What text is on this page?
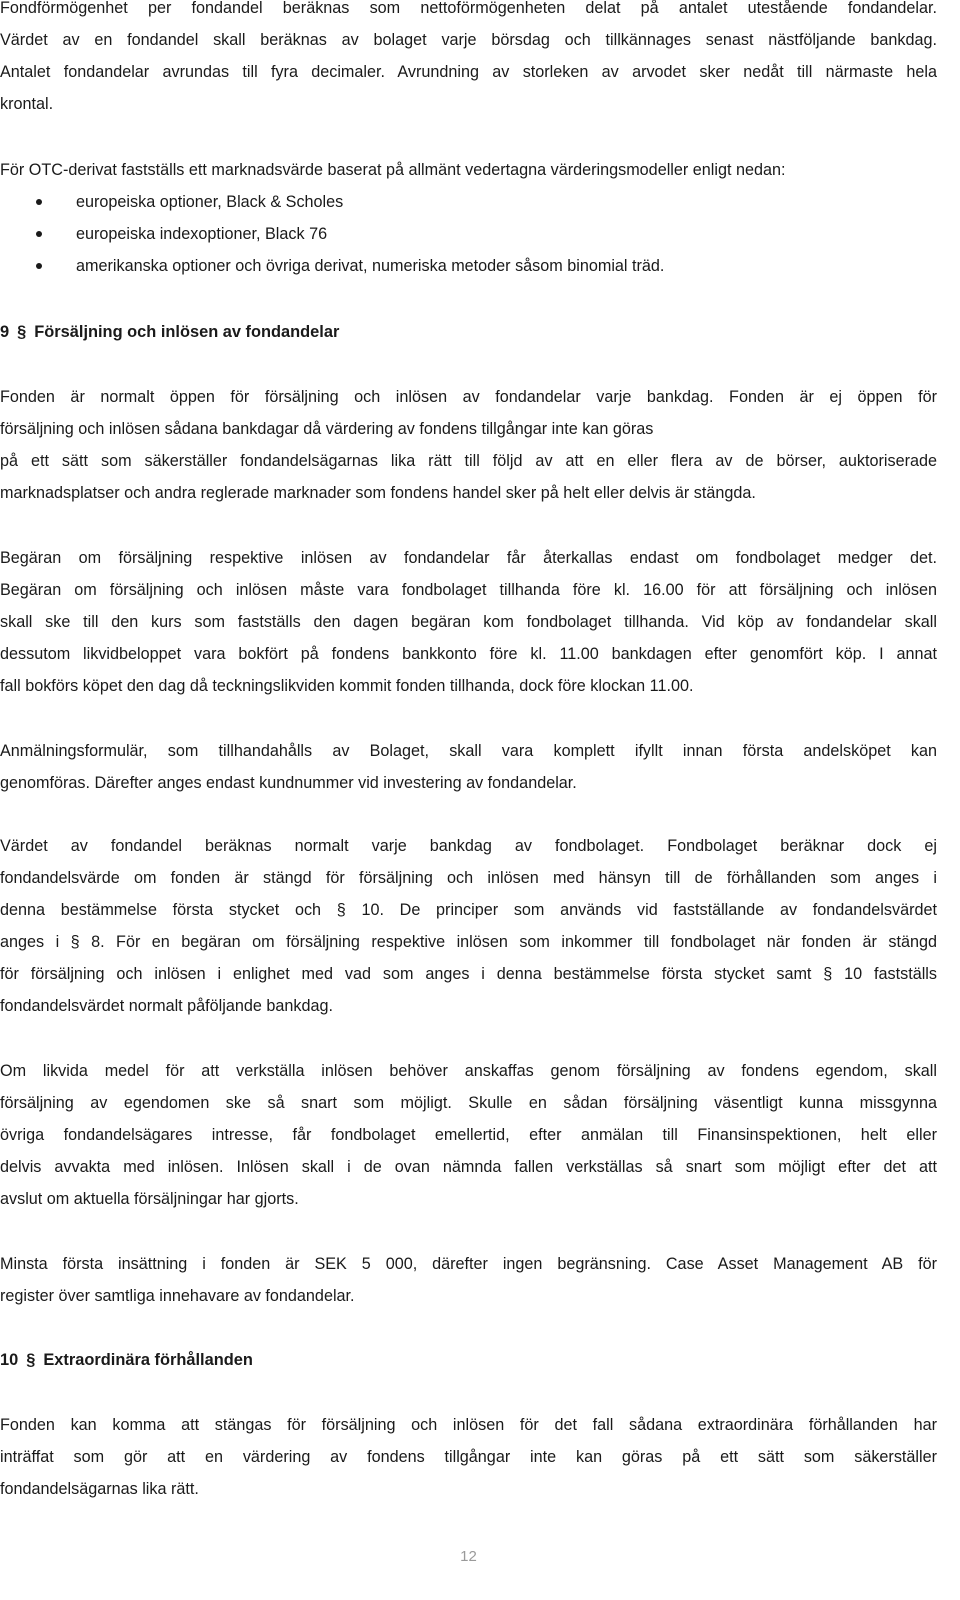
Fondförmögenhet per fondandel beräknas som nettoförmögenheten delat på antalet utestående fondandelar.
Värdet av en fondandel skall beräknas av bolaget varje börsdag och tillkännages senast nästföljande bankdag.
Antalet fondandelar avrundas till fyra decimaler. Avrundning av storleken av arvodet sker nedåt till närmaste hela
krontal.
För OTC-derivat fastställs ett marknadsvärde baserat på allmänt vedertagna värderingsmodeller enligt nedan:
europeiska optioner, Black & Scholes
europeiska indexoptioner, Black 76
amerikanska optioner och övriga derivat, numeriska metoder såsom binomial träd.
9 § Försäljning och inlösen av fondandelar
Fonden är normalt öppen för försäljning och inlösen av fondandelar varje bankdag. Fonden är ej öppen för
försäljning och inlösen sådana bankdagar då värdering av fondens tillgångar inte kan göras
på ett sätt som säkerställer fondandelsägarnas lika rätt till följd av att en eller flera av de börser, auktoriserade
marknadsplatser och andra reglerade marknader som fondens handel sker på helt eller delvis är stängda.
Begäran om försäljning respektive inlösen av fondandelar får återkallas endast om fondbolaget medger det.
Begäran om försäljning och inlösen måste vara fondbolaget tillhanda före kl. 16.00 för att försäljning och inlösen
skall ske till den kurs som fastställs den dagen begäran kom fondbolaget tillhanda. Vid köp av fondandelar skall
dessutom likvidbeloppet vara bokfört på fondens bankkonto före kl. 11.00 bankdagen efter genomfört köp. I annat
fall bokförs köpet den dag då teckningslikviden kommit fonden tillhanda, dock före klockan 11.00.
Anmälningsformulär, som tillhandahålls av Bolaget, skall vara komplett ifyllt innan första andelsköpet kan
genomföras. Därefter anges endast kundnummer vid investering av fondandelar.
Värdet av fondandel beräknas normalt varje bankdag av fondbolaget. Fondbolaget beräknar dock ej
fondandelsvärde om fonden är stängd för försäljning och inlösen med hänsyn till de förhållanden som anges i
denna bestämmelse första stycket och § 10. De principer som används vid fastställande av fondandelsvärdet
anges i § 8. För en begäran om försäljning respektive inlösen som inkommer till fondbolaget när fonden är stängd
för försäljning och inlösen i enlighet med vad som anges i denna bestämmelse första stycket samt § 10 fastställs
fondandelsvärdet normalt påföljande bankdag.
Om likvida medel för att verkställa inlösen behöver anskaffas genom försäljning av fondens egendom, skall
försäljning av egendomen ske så snart som möjligt. Skulle en sådan försäljning väsentligt kunna missgynna
övriga fondandelsägares intresse, får fondbolaget emellertid, efter anmälan till Finansinspektionen, helt eller
delvis avvakta med inlösen. Inlösen skall i de ovan nämnda fallen verkställas så snart som möjligt efter det att
avslut om aktuella försäljningar har gjorts.
Minsta första insättning i fonden är SEK 5 000, därefter ingen begränsning. Case Asset Management AB för
register över samtliga innehavare av fondandelar.
10 § Extraordinära förhållanden
Fonden kan komma att stängas för försäljning och inlösen för det fall sådana extraordinära förhållanden har
inträffat som gör att en värdering av fondens tillgångar inte kan göras på ett sätt som säkerställer
fondandelsägarnas lika rätt.
12
